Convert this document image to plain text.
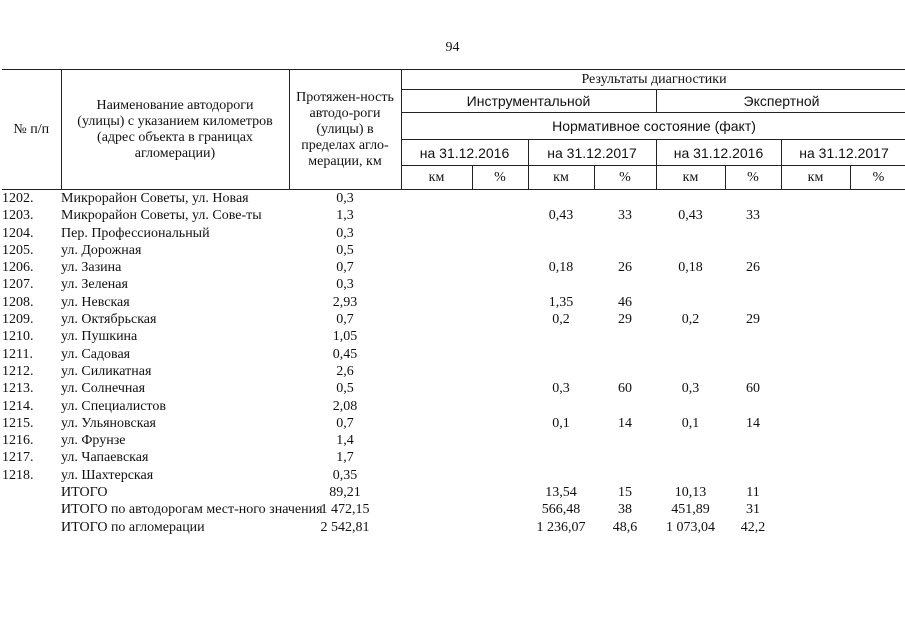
94
№ п/п	Наименование автодороги (улицы) с указанием километров (адрес объекта в границах агломерации)	Протяжен-ность автодо-роги (улицы) в пределах агло-мерации, км	Результаты диагностики							
			Инструментальной				Экспертной			
			Нормативное состояние (факт)							
			на 31.12.2016		на 31.12.2017		на 31.12.2016		на 31.12.2017	
			км	%	км	%	км	%	км	%
1202.	Микрорайон Советы, ул. Новая	0,3								
1203.	Микрорайон Советы, ул. Сове-ты	1,3			0,43	33	0,43	33		
1204.	Пер. Профессиональный	0,3								
1205.	ул. Дорожная	0,5								
1206.	ул. Зазина	0,7			0,18	26	0,18	26		
1207.	ул. Зеленая	0,3								
1208.	ул. Невская	2,93			1,35	46				
1209.	ул. Октябрьская	0,7			0,2	29	0,2	29		
1210.	ул. Пушкина	1,05								
1211.	ул. Садовая	0,45								
1212.	ул. Силикатная	2,6								
1213.	ул. Солнечная	0,5			0,3	60	0,3	60		
1214.	ул. Специалистов	2,08								
1215.	ул. Ульяновская	0,7			0,1	14	0,1	14		
1216.	ул. Фрунзе	1,4								
1217.	ул. Чапаевская	1,7								
1218.	ул. Шахтерская	0,35								
	ИТОГО	89,21			13,54	15	10,13	11		
	ИТОГО по автодорогам мест-ного значения	1 472,15			566,48	38	451,89	31		
	ИТОГО по агломерации	2 542,81			1 236,07	48,6	1 073,04	42,2		
